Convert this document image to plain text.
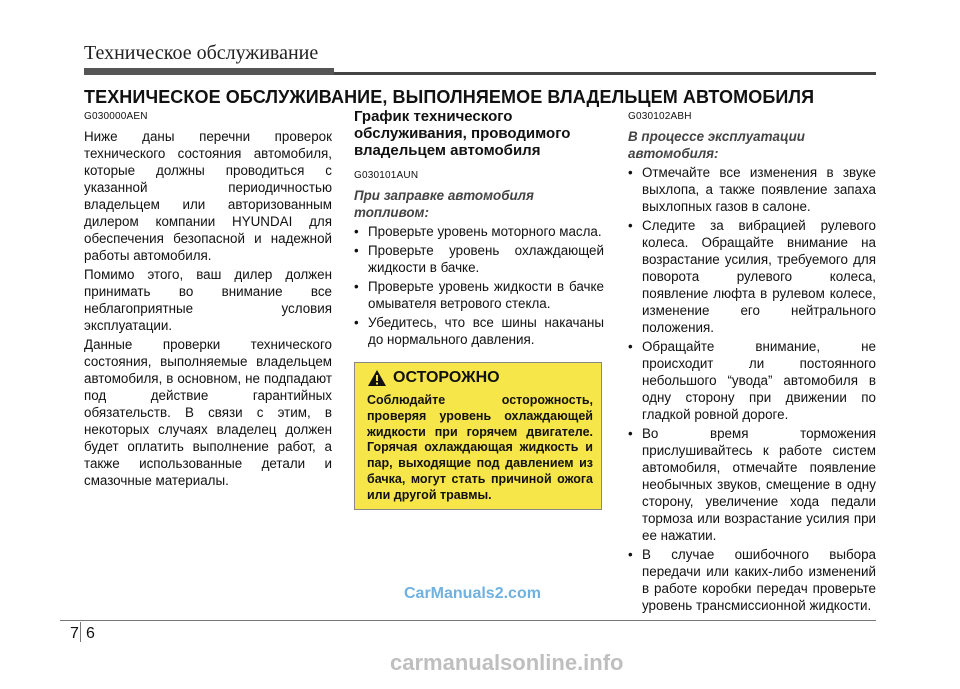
Техническое обслуживание
ТЕХНИЧЕСКОЕ ОБСЛУЖИВАНИЕ, ВЫПОЛНЯЕМОЕ ВЛАДЕЛЬЦЕМ АВТОМОБИЛЯ
G030000AEN

Ниже даны перечни проверок технического состояния автомобиля, которые должны проводиться с указанной периодичностью владельцем или авторизованным дилером компании HYUNDAI для обеспечения безопасной и надежной работы автомобиля.

Помимо этого, ваш дилер должен принимать во внимание все неблагоприятные условия эксплуатации.

Данные проверки технического состояния, выполняемые владельцем автомобиля, в основном, не подпадают под действие гарантийных обязательств. В связи с этим, в некоторых случаях владелец должен будет оплатить выполнение работ, а также использованные детали и смазочные материалы.

График технического обслуживания, проводимого владельцем автомобиля
G030101AUN
При заправке автомобиля топливом:
• Проверьте уровень моторного масла.
• Проверьте уровень охлаждающей жидкости в бачке.
• Проверьте уровень жидкости в бачке омывателя ветрового стекла.
• Убедитесь, что все шины накачаны до нормального давления.
ОСТОРОЖНО
Соблюдайте осторожность, проверяя уровень охлаждающей жидкости при горячем двигателе. Горячая охлаждающая жидкость и пар, выходящие под давлением из бачка, могут стать причиной ожога или другой травмы.
G030102ABH
В процессе эксплуатации автомобиля:
• Отмечайте все изменения в звуке выхлопа, а также появление запаха выхлопных газов в салоне.
• Следите за вибрацией рулевого колеса. Обращайте внимание на возрастание усилия, требуемого для поворота рулевого колеса, появление люфта в рулевом колесе, изменение его нейтрального положения.
• Обращайте внимание, не происходит ли постоянного небольшого “увода” автомобиля в одну сторону при движении по гладкой ровной дороге.
• Во время торможения прислушивайтесь к работе систем автомобиля, отмечайте появление необычных звуков, смещение в одну сторону, увеличение хода педали тормоза или возрастание усилия при ее нажатии.
• В случае ошибочного выбора передачи или каких-либо изменений в работе коробки передач проверьте уровень трансмиссионной жидкости.
CarManuals2.com
carmanualsonline.info
7 6
